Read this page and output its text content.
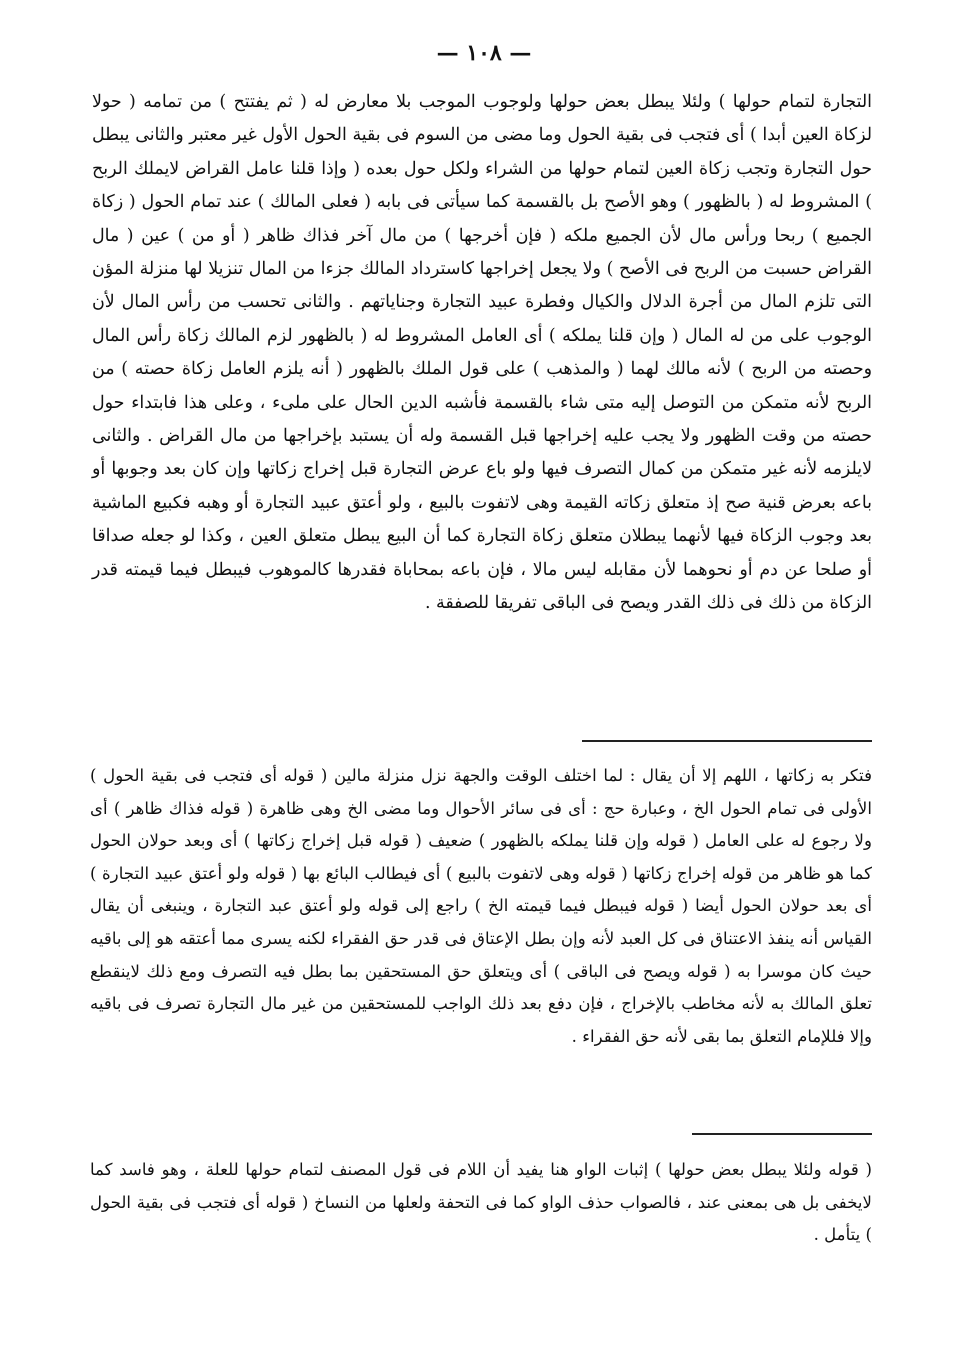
— ١٠٨ —

التجارة لتمام حولها ) ولئلا يبطل بعض حولها ولوجوب الموجب بلا معارض له ( ثم يفتتح ) من تمامه ( حولا لزكاة العين أبدا ) أى فتجب فى بقية الحول وما مضى من السوم فى بقية الحول الأول غير معتبر والثانى يبطل حول التجارة وتجب زكاة العين لتمام حولها من الشراء ولكل حول بعده ( وإذا قلنا عامل القراض لايملك الربح ) المشروط له ( بالظهور ) وهو الأصح بل بالقسمة كما سيأتى فى بابه ( فعلى المالك ) عند تمام الحول ( زكاة الجميع ) ربحا ورأس مال لأن الجميع ملكه ( فإن أخرجها ) من مال آخر فذاك ظاهر ( أو من ) عين ( مال القراض حسبت من الربح فى الأصح ) ولا يجعل إخراجها كاسترداد المالك جزءا من المال تنزيلا لها منزلة المؤن التى تلزم المال من أجرة الدلال والكيال وفطرة عبيد التجارة وجناياتهم . والثانى تحسب من رأس المال لأن الوجوب على من له المال ( وإن قلنا يملكه ) أى العامل المشروط له ( بالظهور لزم المالك زكاة رأس المال وحصته من الربح ) لأنه مالك لهما ( والمذهب ) على قول الملك بالظهور ( أنه يلزم العامل زكاة حصته ) من الربح لأنه متمكن من التوصل إليه متى شاء بالقسمة فأشبه الدين الحال على ملىء ، وعلى هذا فابتداء حول حصته من وقت الظهور ولا يجب عليه إخراجها قبل القسمة وله أن يستبد بإخراجها من مال القراض . والثانى لايلزمه لأنه غير متمكن من كمال التصرف فيها ولو باع عرض التجارة قبل إخراج زكاتها وإن كان بعد وجوبها أو باعه بعرض قنية صح إذ متعلق زكاته القيمة وهى لاتفوت بالبيع ، ولو أعتق عبيد التجارة أو وهبه فكبيع الماشية بعد وجوب الزكاة فيها لأنهما يبطلان متعلق زكاة التجارة كما أن البيع يبطل متعلق العين ، وكذا لو جعله صداقا أو صلحا عن دم أو نحوهما لأن مقابله ليس مالا ، فإن باعه بمحاباة فقدرها كالموهوب فيبطل فيما قيمته قدر الزكاة من ذلك فى ذلك القدر ويصح فى الباقى تفريقا للصفقة .

فتكر به زكاتها ، اللهم إلا أن يقال : لما اختلف الوقت والجهة نزل منزلة مالين ( قوله أى فتجب فى بقية الحول ) الأولى فى تمام الحول الخ ، وعبارة حج : أى فى سائر الأحوال وما مضى الخ وهى ظاهرة ( قوله فذاك ظاهر ) أى ولا رجوع له على العامل ( قوله وإن قلنا يملكه بالظهور ) ضعيف ( قوله قبل إخراج زكاتها ) أى وبعد حولان الحول كما هو ظاهر من قوله إخراج زكاتها ( قوله وهى لاتفوت بالبيع ) أى فيطالب البائع بها ( قوله ولو أعتق عبيد التجارة ) أى بعد حولان الحول أيضا ( قوله فيبطل فيما قيمته الخ ) راجع إلى قوله ولو أعتق عبد التجارة ، وينبغى أن يقال القياس أنه ينفذ الاعتناق فى كل العبد لأنه وإن بطل الإعتاق فى قدر حق الفقراء لكنه يسرى مما أعتقه هو إلى باقيه حيث كان موسرا به ( قوله ويصح فى الباقى ) أى ويتعلق حق المستحقين بما بطل فيه التصرف ومع ذلك لاينقطع تعلق المالك به لأنه مخاطب بالإخراج ، فإن دفع بعد ذلك الواجب للمستحقين من غير مال التجارة تصرف فى باقيه وإلا فللإمام التعلق بما بقى لأنه حق الفقراء .

( قوله ولئلا يبطل بعض حولها ) إثبات الواو هنا يفيد أن اللام فى قول المصنف لتمام حولها للعلة ، وهو فاسد كما لايخفى بل هى بمعنى عند ، فالصواب حذف الواو كما فى التحفة ولعلها من النساخ ( قوله أى فتجب فى بقية الحول ) يتأمل .
